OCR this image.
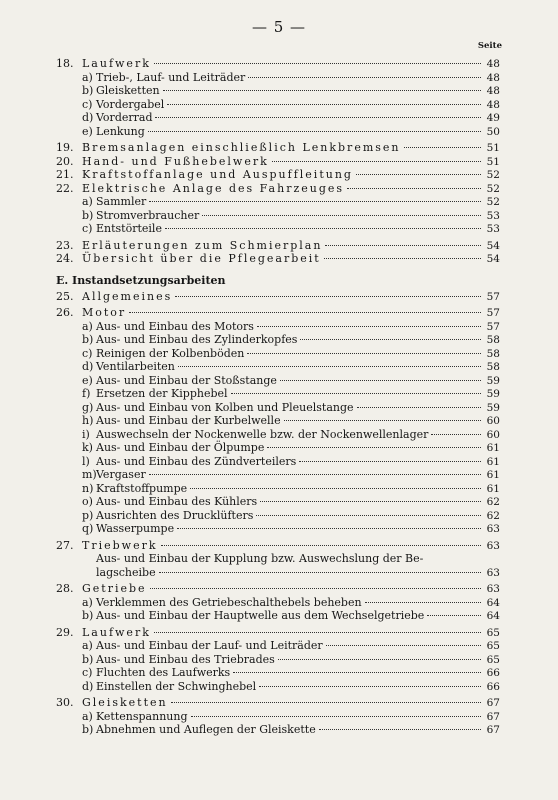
— 5 —
Seite
18. Laufwerk	48
a) Trieb-, Lauf- und Leiträder	48
b) Gleisketten	48
c) Vordergabel	48
d) Vorderrad	49
e) Lenkung	50
19. Bremsanlagen einschließlich Lenkbremsen	51
20. Hand- und Fußhebelwerk	51
21. Kraftstoffanlage und Auspuffleitung	52
22. Elektrische Anlage des Fahrzeuges	52
a) Sammler	52
b) Stromverbraucher	53
c) Entstörteile	53
23. Erläuterungen zum Schmierplan	54
24. Übersicht über die Pflegearbeit	54
E. Instandsetzungsarbeiten
25. Allgemeines	57
26. Motor	57
a) Aus- und Einbau des Motors	57
b) Aus- und Einbau des Zylinderkopfes	58
c) Reinigen der Kolbenböden	58
d) Ventilarbeiten	58
e) Aus- und Einbau der Stoßstange	59
f) Ersetzen der Kipphebel	59
g) Aus- und Einbau von Kolben und Pleuelstange	59
h) Aus- und Einbau der Kurbelwelle	60
i) Auswechseln der Nockenwelle bzw. der Nockenwellenlager	60
k) Aus- und Einbau der Ölpumpe	61
l) Aus- und Einbau des Zündverteilers	61
m) Vergaser	61
n) Kraftstoffpumpe	61
o) Aus- und Einbau des Kühlers	62
p) Ausrichten des Drucklüfters	62
q) Wasserpumpe	63
27. Triebwerk	63
Aus- und Einbau der Kupplung bzw. Auswechslung der Be-
lagscheibe	63
28. Getriebe	63
a) Verklemmen des Getriebeschalthebels beheben	64
b) Aus- und Einbau der Hauptwelle aus dem Wechselgetriebe	64
29. Laufwerk	65
a) Aus- und Einbau der Lauf- und Leiträder	65
b) Aus- und Einbau des Triebrades	65
c) Fluchten des Laufwerks	66
d) Einstellen der Schwinghebel	66
30. Gleisketten	67
a) Kettenspannung	67
b) Abnehmen und Auflegen der Gleiskette	67
